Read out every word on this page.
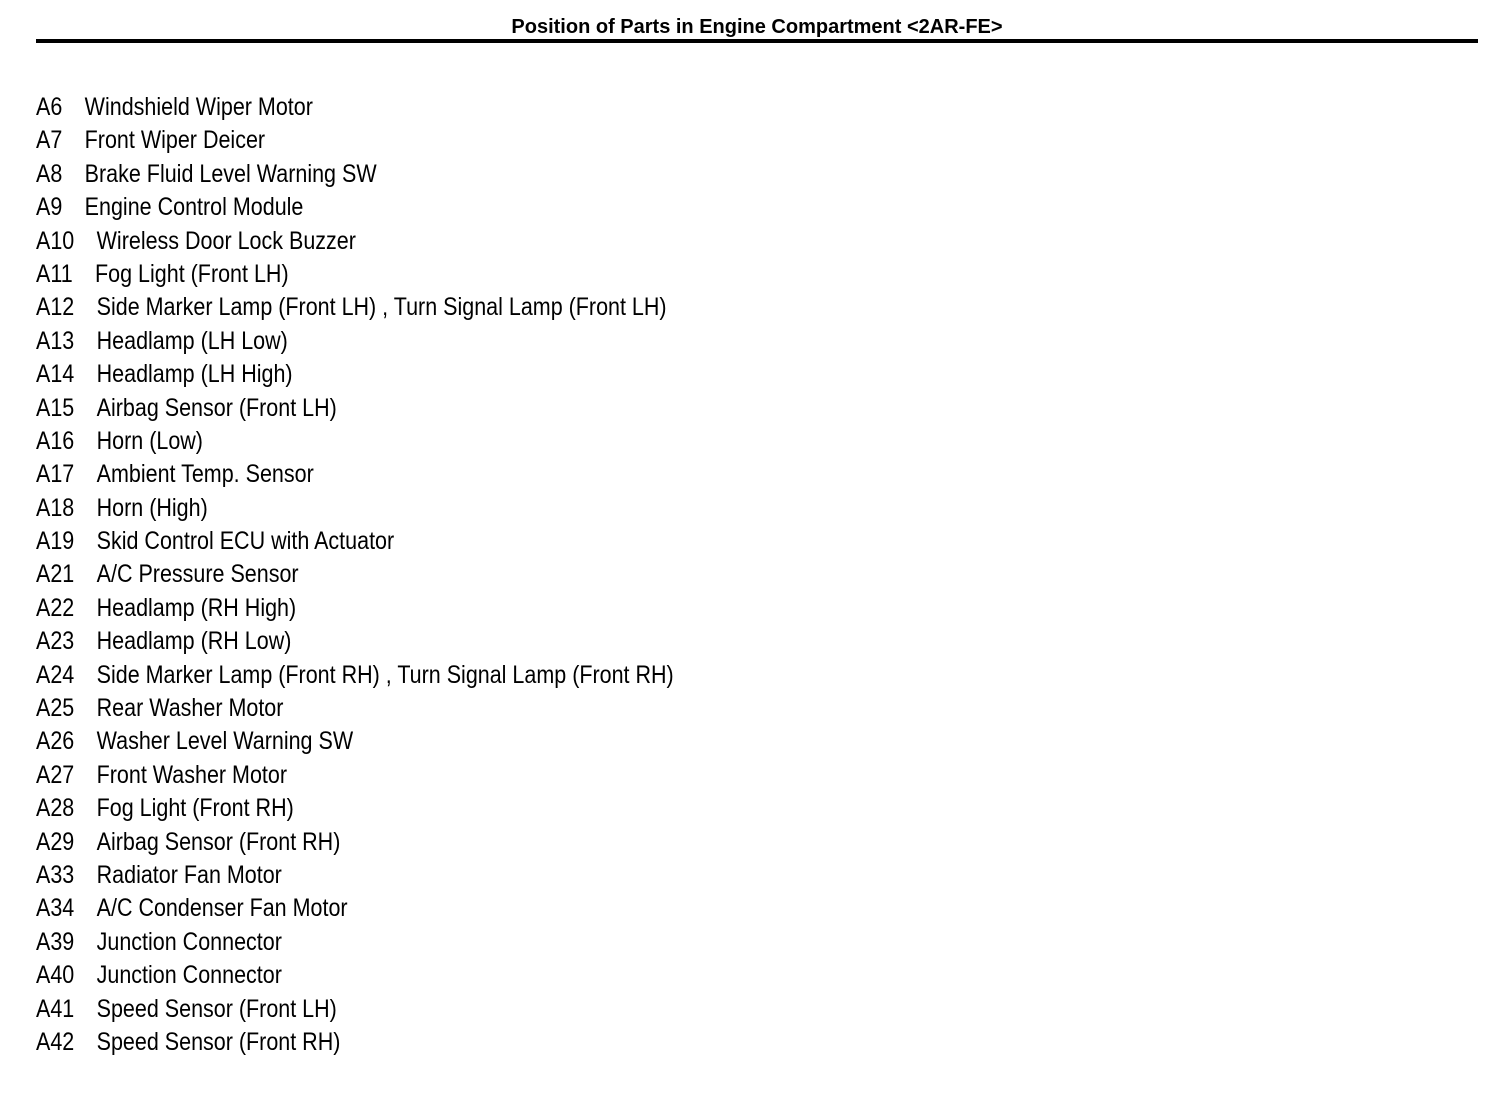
Position of Parts in Engine Compartment <2AR-FE>
A6 Windshield Wiper Motor
A7 Front Wiper Deicer
A8 Brake Fluid Level Warning SW
A9 Engine Control Module
A10 Wireless Door Lock Buzzer
A11 Fog Light (Front LH)
A12 Side Marker Lamp (Front LH) , Turn Signal Lamp (Front LH)
A13 Headlamp (LH Low)
A14 Headlamp (LH High)
A15 Airbag Sensor (Front LH)
A16 Horn (Low)
A17 Ambient Temp. Sensor
A18 Horn (High)
A19 Skid Control ECU with Actuator
A21 A/C Pressure Sensor
A22 Headlamp (RH High)
A23 Headlamp (RH Low)
A24 Side Marker Lamp (Front RH) , Turn Signal Lamp (Front RH)
A25 Rear Washer Motor
A26 Washer Level Warning SW
A27 Front Washer Motor
A28 Fog Light (Front RH)
A29 Airbag Sensor (Front RH)
A33 Radiator Fan Motor
A34 A/C Condenser Fan Motor
A39 Junction Connector
A40 Junction Connector
A41 Speed Sensor (Front LH)
A42 Speed Sensor (Front RH)
